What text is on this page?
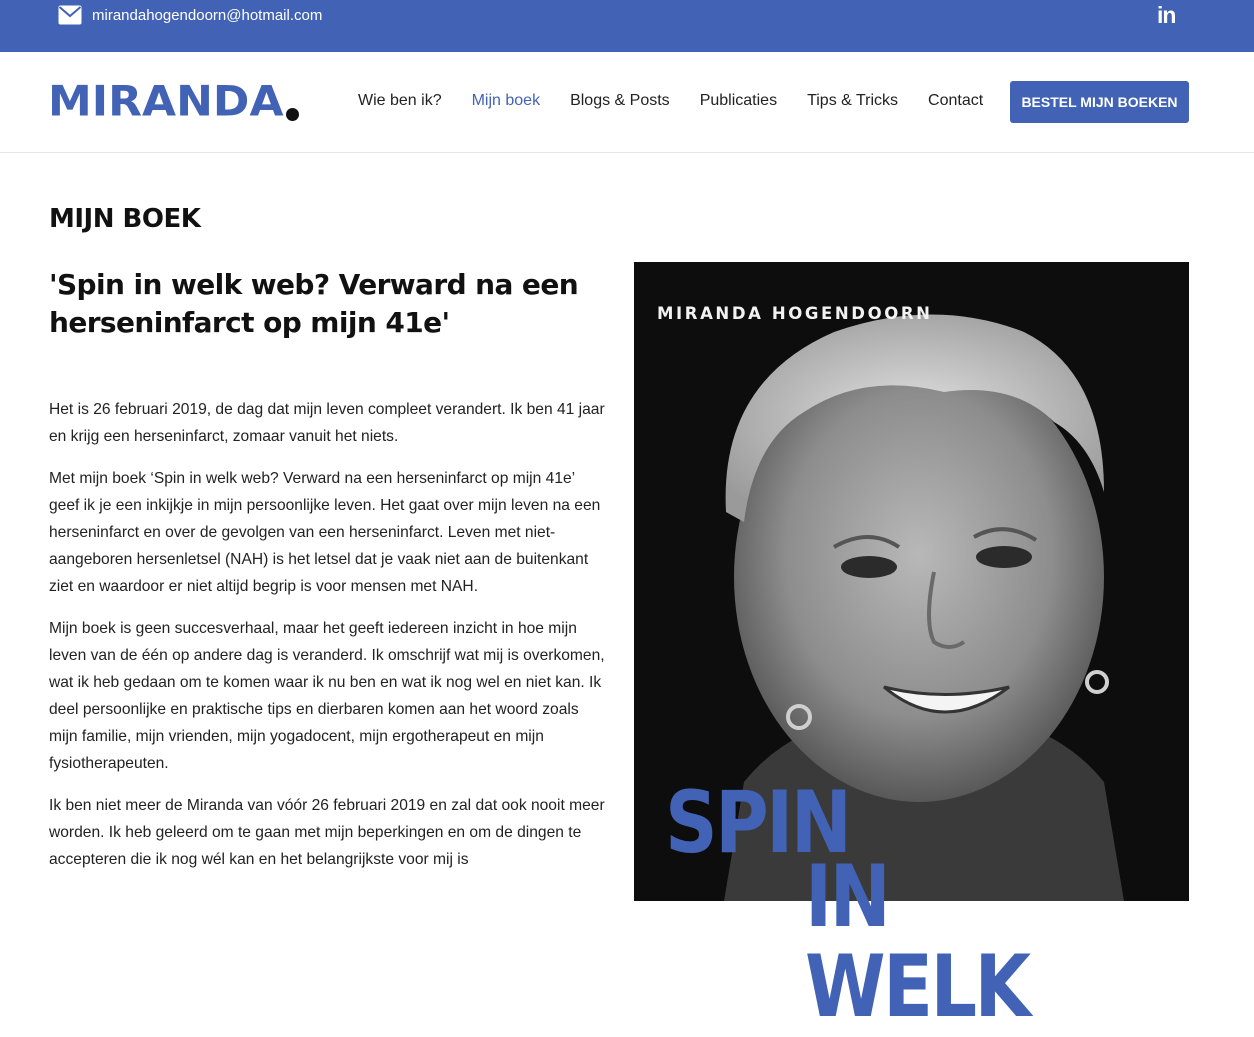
mirandahogendoorn@hotmail.com	in
MIRANDA	Wie ben ik? Mijn boek Blogs & Posts Publicaties Tips & Tricks Contact	BESTEL MIJN BOEKEN
MIJN BOEK
'Spin in welk web? Verward na een herseninfarct op mijn 41e'

Het is 26 februari 2019, de dag dat mijn leven compleet verandert. Ik ben 41 jaar en krijg een herseninfarct, zomaar vanuit het niets.

Met mijn boek ‘Spin in welk web? Verward na een herseninfarct op mijn 41e’ geef ik je een inkijkje in mijn persoonlijke leven. Het gaat over mijn leven na een herseninfarct en over de gevolgen van een herseninfarct. Leven met niet-aangeboren hersenletsel (NAH) is het letsel dat je vaak niet aan de buitenkant ziet en waardoor er niet altijd begrip is voor mensen met NAH.

Mijn boek is geen succesverhaal, maar het geeft iedereen inzicht in hoe mijn leven van de één op andere dag is veranderd. Ik omschrijf wat mij is overkomen, wat ik heb gedaan om te komen waar ik nu ben en wat ik nog wel en niet kan. Ik deel persoonlijke en praktische tips en dierbaren komen aan het woord zoals mijn familie, mijn vrienden, mijn yogadocent, mijn ergotherapeut en mijn fysiotherapeuten.

Ik ben niet meer de Miranda van vóór 26 februari 2019 en zal dat ook nooit meer worden. Ik heb geleerd om te gaan met mijn beperkingen en om de dingen te accepteren die ik nog wél kan en het belangrijkste voor mij is

MIRANDA HOGENDOORN
SPIN
IN WELK
